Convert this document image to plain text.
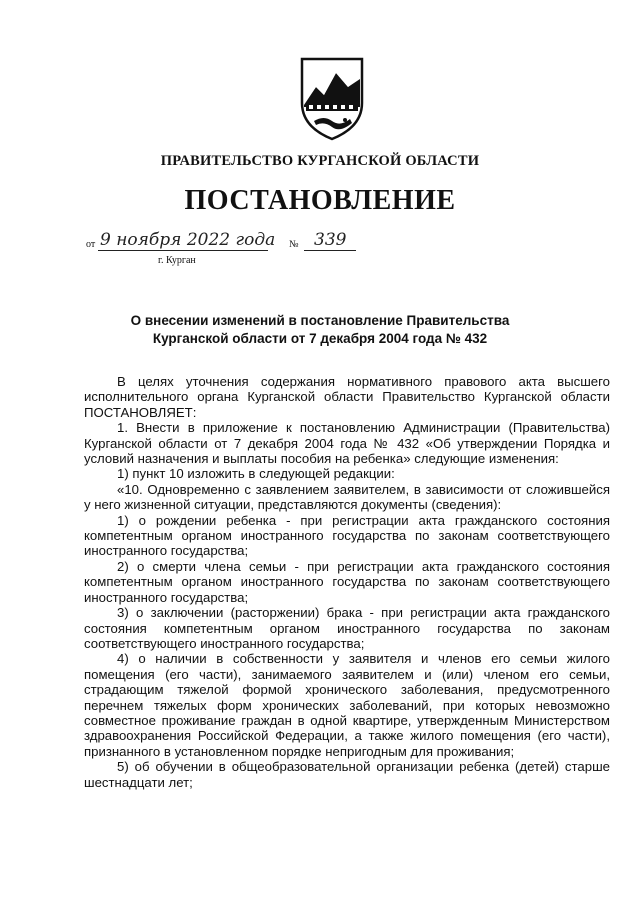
ПРАВИТЕЛЬСТВО КУРГАНСКОЙ ОБЛАСТИ
ПОСТАНОВЛЕНИЕ
от 9 ноября 2022 года № 339
г. Курган
О внесении изменений в постановление Правительства
Курганской области от 7 декабря 2004 года № 432

В целях уточнения содержания нормативного правового акта высшего исполнительного органа Курганской области Правительство Курганской области ПОСТАНОВЛЯЕТ:

1. Внести в приложение к постановлению Администрации (Правительства) Курганской области от 7 декабря 2004 года № 432 «Об утверждении Порядка и условий назначения и выплаты пособия на ребенка» следующие изменения:

1) пункт 10 изложить в следующей редакции:

«10. Одновременно с заявлением заявителем, в зависимости от сложившейся у него жизненной ситуации, представляются документы (сведения):

1) о рождении ребенка - при регистрации акта гражданского состояния компетентным органом иностранного государства по законам соответствующего иностранного государства;

2) о смерти члена семьи - при регистрации акта гражданского состояния компетентным органом иностранного государства по законам соответствующего иностранного государства;

3) о заключении (расторжении) брака - при регистрации акта гражданского состояния компетентным органом иностранного государства по законам соответствующего иностранного государства;

4) о наличии в собственности у заявителя и членов его семьи жилого помещения (его части), занимаемого заявителем и (или) членом его семьи, страдающим тяжелой формой хронического заболевания, предусмотренного перечнем тяжелых форм хронических заболеваний, при которых невозможно совместное проживание граждан в одной квартире, утвержденным Министерством здравоохранения Российской Федерации, а также жилого помещения (его части), признанного в установленном порядке непригодным для проживания;

5) об обучении в общеобразовательной организации ребенка (детей) старше шестнадцати лет;
